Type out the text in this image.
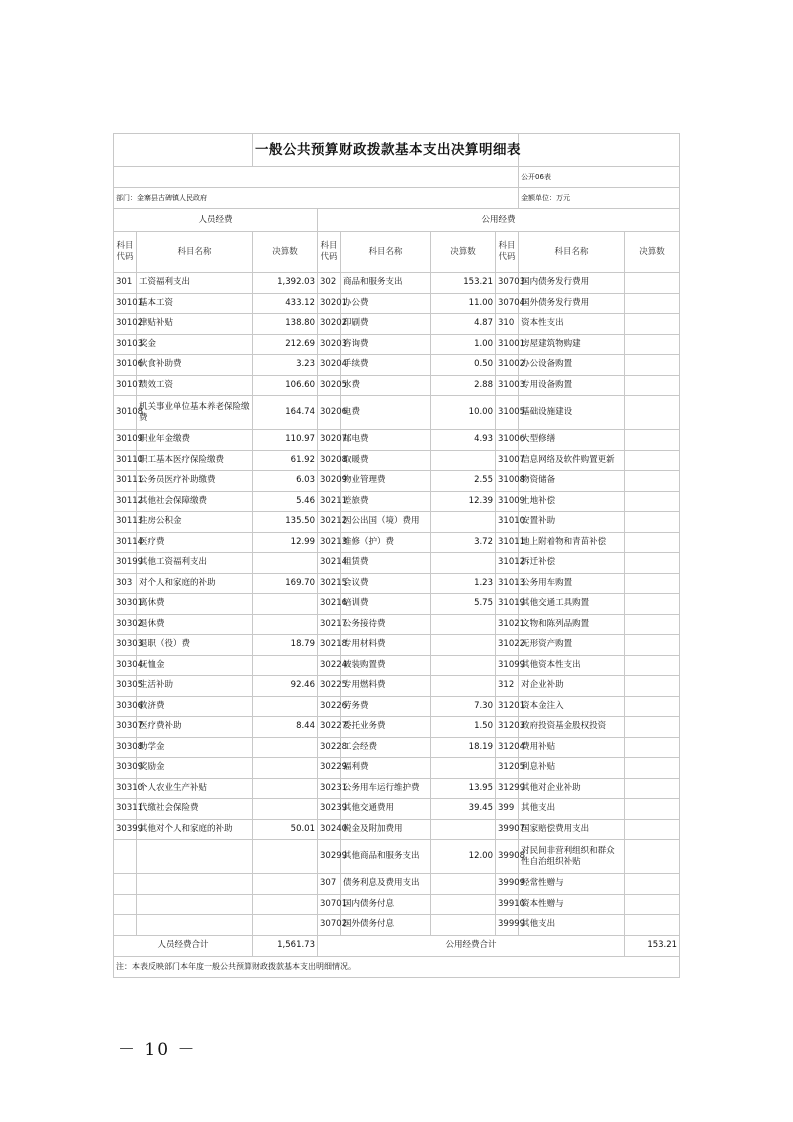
		一般公共预算财政拨款基本支出决算明细表						
							公开06表	
部门：金寨县古碑镇人民政府							金额单位：万元	
人员经费			公用经费					
科目代码	科目名称	决算数	科目代码	科目名称	决算数	科目代码	科目名称	决算数
301	工资福利支出	1,392.03	302	商品和服务支出	153.21	30703	国内债务发行费用	
30101	基本工资	433.12	30201	办公费	11.00	30704	国外债务发行费用	
30102	津贴补贴	138.80	30202	印刷费	4.87	310	资本性支出	
30103	奖金	212.69	30203	咨询费	1.00	31001	房屋建筑物购建	
30106	伙食补助费	3.23	30204	手续费	0.50	31002	办公设备购置	
30107	绩效工资	106.60	30205	水费	2.88	31003	专用设备购置	
30108	机关事业单位基本养老保险缴费	164.74	30206	电费	10.00	31005	基础设施建设	
30109	职业年金缴费	110.97	30207	邮电费	4.93	31006	大型修缮	
30110	职工基本医疗保险缴费	61.92	30208	取暖费		31007	信息网络及软件购置更新	
30111	公务员医疗补助缴费	6.03	30209	物业管理费	2.55	31008	物资储备	
30112	其他社会保障缴费	5.46	30211	差旅费	12.39	31009	土地补偿	
30113	住房公积金	135.50	30212	因公出国（境）费用		31010	安置补助	
30114	医疗费	12.99	30213	维修（护）费	3.72	31011	地上附着物和青苗补偿	
30199	其他工资福利支出		30214	租赁费		31012	拆迁补偿	
303	对个人和家庭的补助	169.70	30215	会议费	1.23	31013	公务用车购置	
30301	离休费		30216	培训费	5.75	31019	其他交通工具购置	
30302	退休费		30217	公务接待费		31021	文物和陈列品购置	
30303	退职（役）费	18.79	30218	专用材料费		31022	无形资产购置	
30304	抚恤金		30224	被装购置费		31099	其他资本性支出	
30305	生活补助	92.46	30225	专用燃料费		312	对企业补助	
30306	救济费		30226	劳务费	7.30	31201	资本金注入	
30307	医疗费补助	8.44	30227	委托业务费	1.50	31203	政府投资基金股权投资	
30308	助学金		30228	工会经费	18.19	31204	费用补贴	
30309	奖励金		30229	福利费		31205	利息补贴	
30310	个人农业生产补贴		30231	公务用车运行维护费	13.95	31299	其他对企业补助	
30311	代缴社会保险费		30239	其他交通费用	39.45	399	其他支出	
30399	其他对个人和家庭的补助	50.01	30240	税金及附加费用		39907	国家赔偿费用支出	
			30299	其他商品和服务支出	12.00	39908	对民间非营利组织和群众性自治组织补贴	
			307	债务利息及费用支出		39909	经常性赠与	
			30701	国内债务付息		39910	资本性赠与	
			30702	国外债务付息		39999	其他支出	
人员经费合计		1,561.73	公用经费合计					153.21
注：本表反映部门本年度一般公共预算财政拨款基本支出明细情况。								
－ 10 －
